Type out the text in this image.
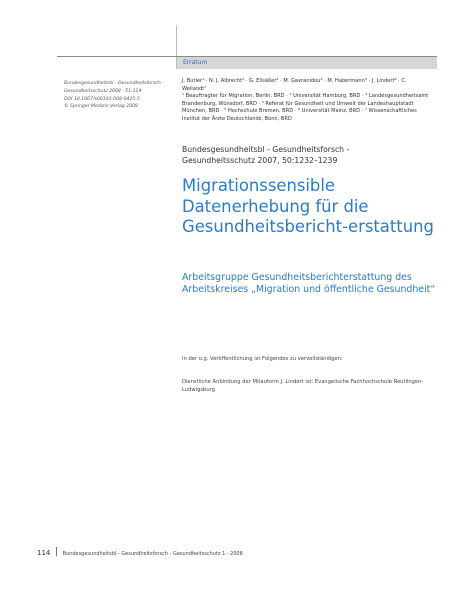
Erratum
Bundesgesundheitsbl - Gesundheitsforsch -
Gesundheitsschutz 2008 · 51:114
DOI 10.1007/s00103-008-0425-5
© Springer Medizin Verlag 2008
J. Butler¹ · N. J. Albrecht² · G. Ellsäßer³ · M. Gavranidou⁴ · M. Habermann⁵ · J. Lindert⁶ · C. Weilandt⁷
¹ Beauftragter für Migration, Berlin, BRD · ² Universität Hamburg, BRD · ³ Landesgesundheitsamt Brandenburg, Wünsdorf, BRD · ⁴ Referat für Gesundheit und Umwelt der Landeshauptstadt München, BRD · ⁵ Hochschule Bremen, BRD · ⁶ Universität Mainz, BRD · ⁷ Wissenschaftliches Institut der Ärzte Deutschlands, Bonn, BRD
Bundesgesundheitsbl - Gesundheitsforsch -
Gesundheitsschutz 2007, 50:1232–1239
Migrationssensible Datenerhebung für die Gesundheitsbericht-erstattung
Arbeitsgruppe Gesundheitsberichterstattung des Arbeitskreises „Migration und öffentliche Gesundheit“

In der o.g. Veröffentlichung ist Folgendes zu vervollständigen:

Dienstliche Anbindung der Mitautorin J. Lindert ist: Evangelische Fachhochschule Reutlingen-Ludwigsburg

114 Bundesgesundheitsbl - Gesundheitsforsch - Gesundheitsschutz 1 · 2008
